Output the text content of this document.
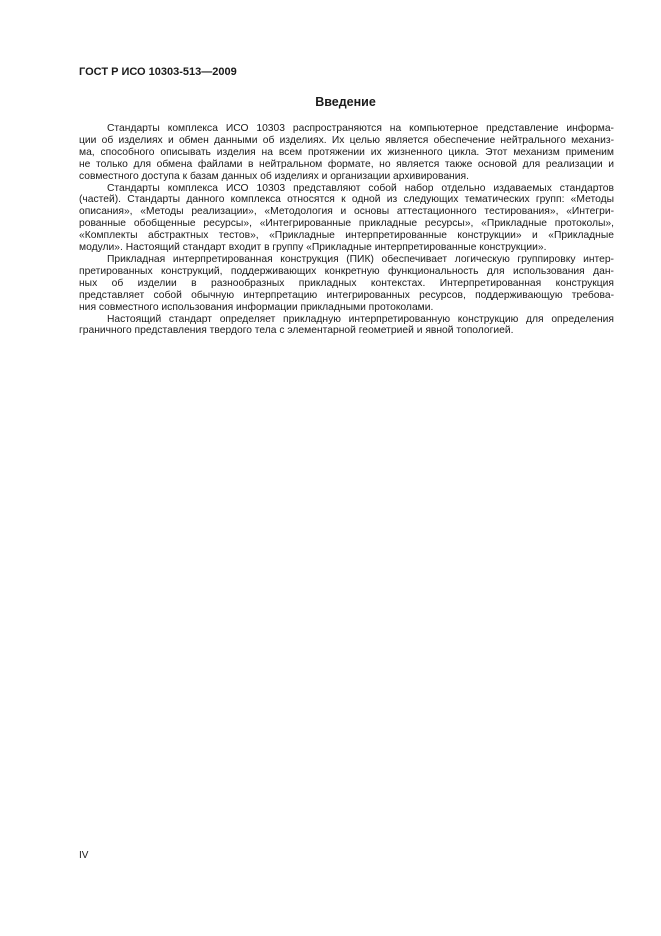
ГОСТ Р ИСО 10303-513—2009
Введение
Стандарты комплекса ИСО 10303 распространяются на компьютерное представление информа-
ции об изделиях и обмен данными об изделиях. Их целью является обеспечение нейтрального механиз-
ма, способного описывать изделия на всем протяжении их жизненного цикла. Этот механизм применим
не только для обмена файлами в нейтральном формате, но является также основой для реализации и
совместного доступа к базам данных об изделиях и организации архивирования.
Стандарты комплекса ИСО 10303 представляют собой набор отдельно издаваемых стандартов
(частей). Стандарты данного комплекса относятся к одной из следующих тематических групп: «Методы
описания», «Методы реализации», «Методология и основы аттестационного тестирования», «Интегри-
рованные обобщенные ресурсы», «Интегрированные прикладные ресурсы», «Прикладные протоколы»,
«Комплекты абстрактных тестов», «Прикладные интерпретированные конструкции» и «Прикладные
модули». Настоящий стандарт входит в группу «Прикладные интерпретированные конструкции».
Прикладная интерпретированная конструкция (ПИК) обеспечивает логическую группировку интер-
претированных конструкций, поддерживающих конкретную функциональность для использования дан-
ных об изделии в разнообразных прикладных контекстах. Интерпретированная конструкция
представляет собой обычную интерпретацию интегрированных ресурсов, поддерживающую требова-
ния совместного использования информации прикладными протоколами.
Настоящий стандарт определяет прикладную интерпретированную конструкцию для определения
граничного представления твердого тела с элементарной геометрией и явной топологией.
IV
